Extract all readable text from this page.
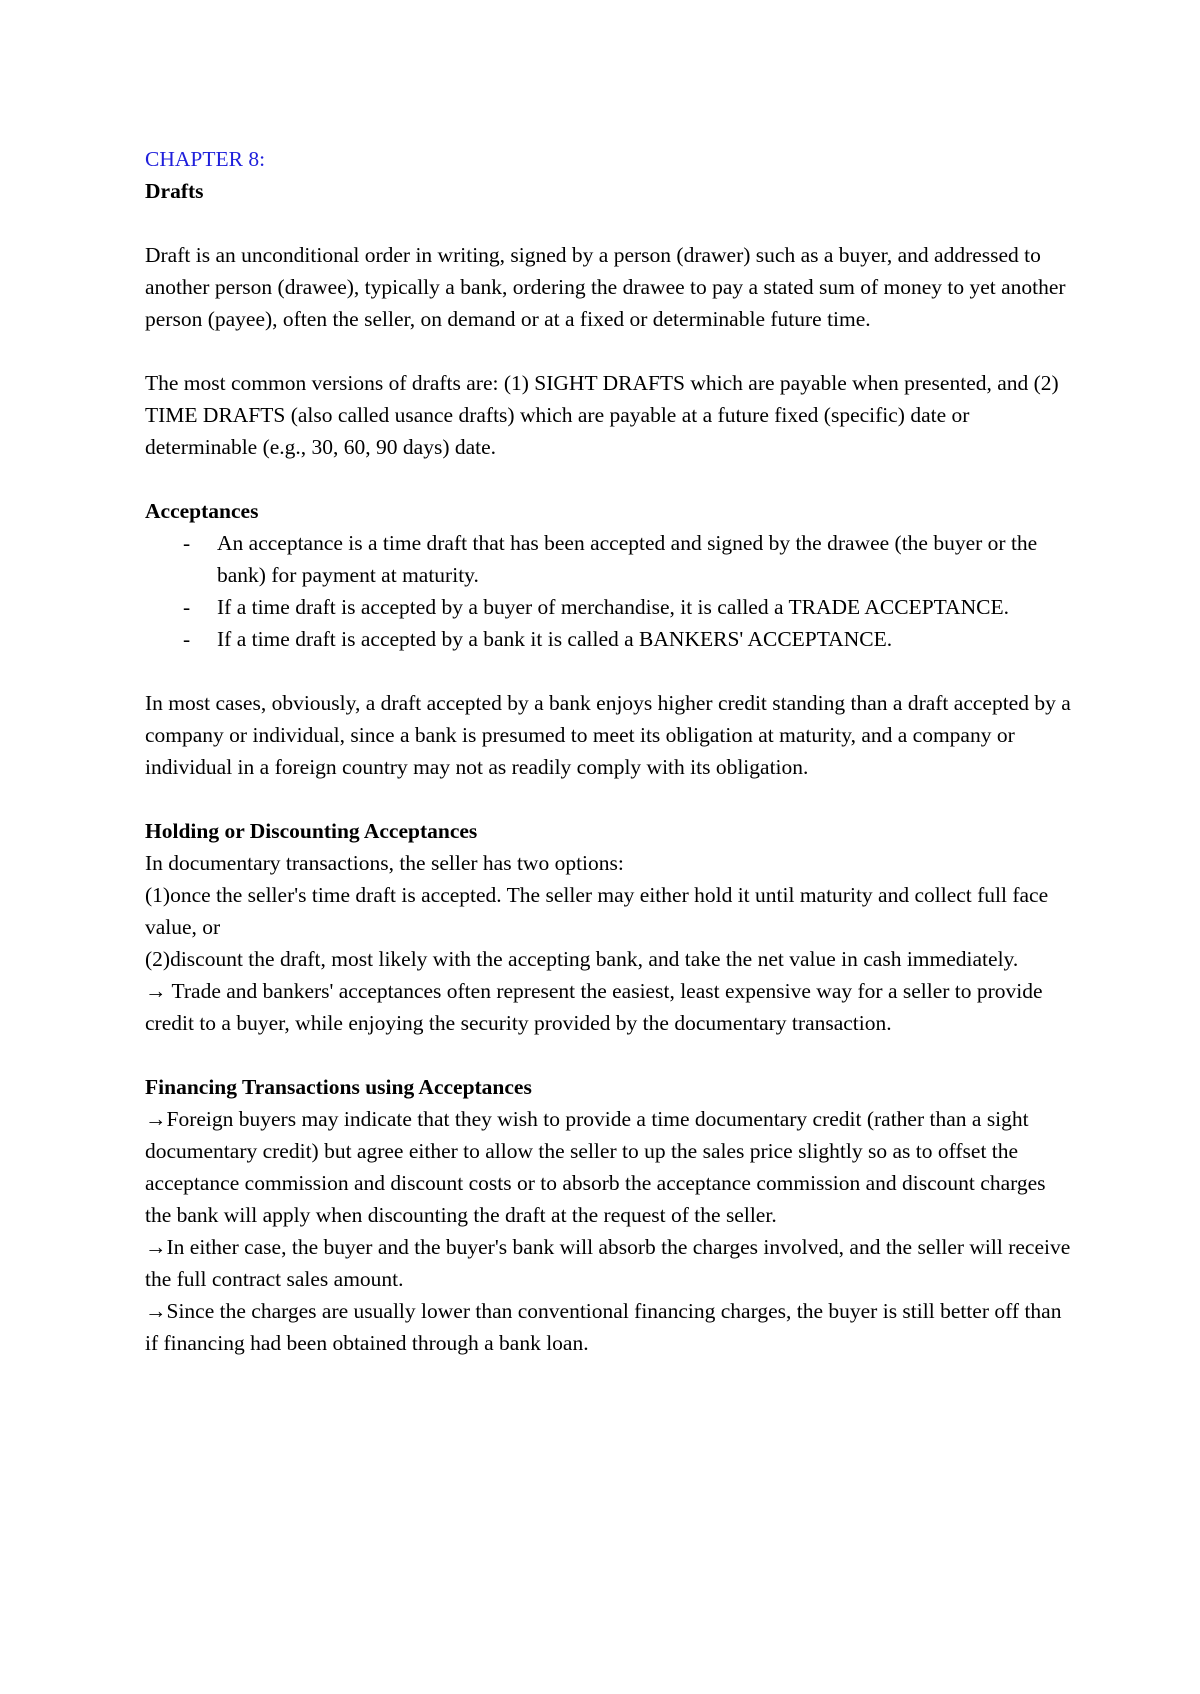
CHAPTER 8:

Drafts

Draft is an unconditional order in writing, signed by a person (drawer) such as a buyer, and addressed to another person (drawee), typically a bank, ordering the drawee to pay a stated sum of money to yet another person (payee), often the seller, on demand or at a fixed or determinable future time.

The most common versions of drafts are: (1) SIGHT DRAFTS which are payable when presented, and (2) TIME DRAFTS (also called usance drafts) which are payable at a future fixed (specific) date or determinable (e.g., 30, 60, 90 days) date.

Acceptances

- An acceptance is a time draft that has been accepted and signed by the drawee (the buyer or the bank) for payment at maturity.
- If a time draft is accepted by a buyer of merchandise, it is called a TRADE ACCEPTANCE.
- If a time draft is accepted by a bank it is called a BANKERS' ACCEPTANCE.

In most cases, obviously, a draft accepted by a bank enjoys higher credit standing than a draft accepted by a company or individual, since a bank is presumed to meet its obligation at maturity, and a company or individual in a foreign country may not as readily comply with its obligation.

Holding or Discounting Acceptances

In documentary transactions, the seller has two options:

(1)once the seller's time draft is accepted. The seller may either hold it until maturity and collect full face value, or

(2)discount the draft, most likely with the accepting bank, and take the net value in cash immediately.

→ Trade and bankers' acceptances often represent the easiest, least expensive way for a seller to provide credit to a buyer, while enjoying the security provided by the documentary transaction.

Financing Transactions using Acceptances

→Foreign buyers may indicate that they wish to provide a time documentary credit (rather than a sight documentary credit) but agree either to allow the seller to up the sales price slightly so as to offset the acceptance commission and discount costs or to absorb the acceptance commission and discount charges the bank will apply when discounting the draft at the request of the seller.

→In either case, the buyer and the buyer's bank will absorb the charges involved, and the seller will receive the full contract sales amount.

→Since the charges are usually lower than conventional financing charges, the buyer is still better off than if financing had been obtained through a bank loan.
